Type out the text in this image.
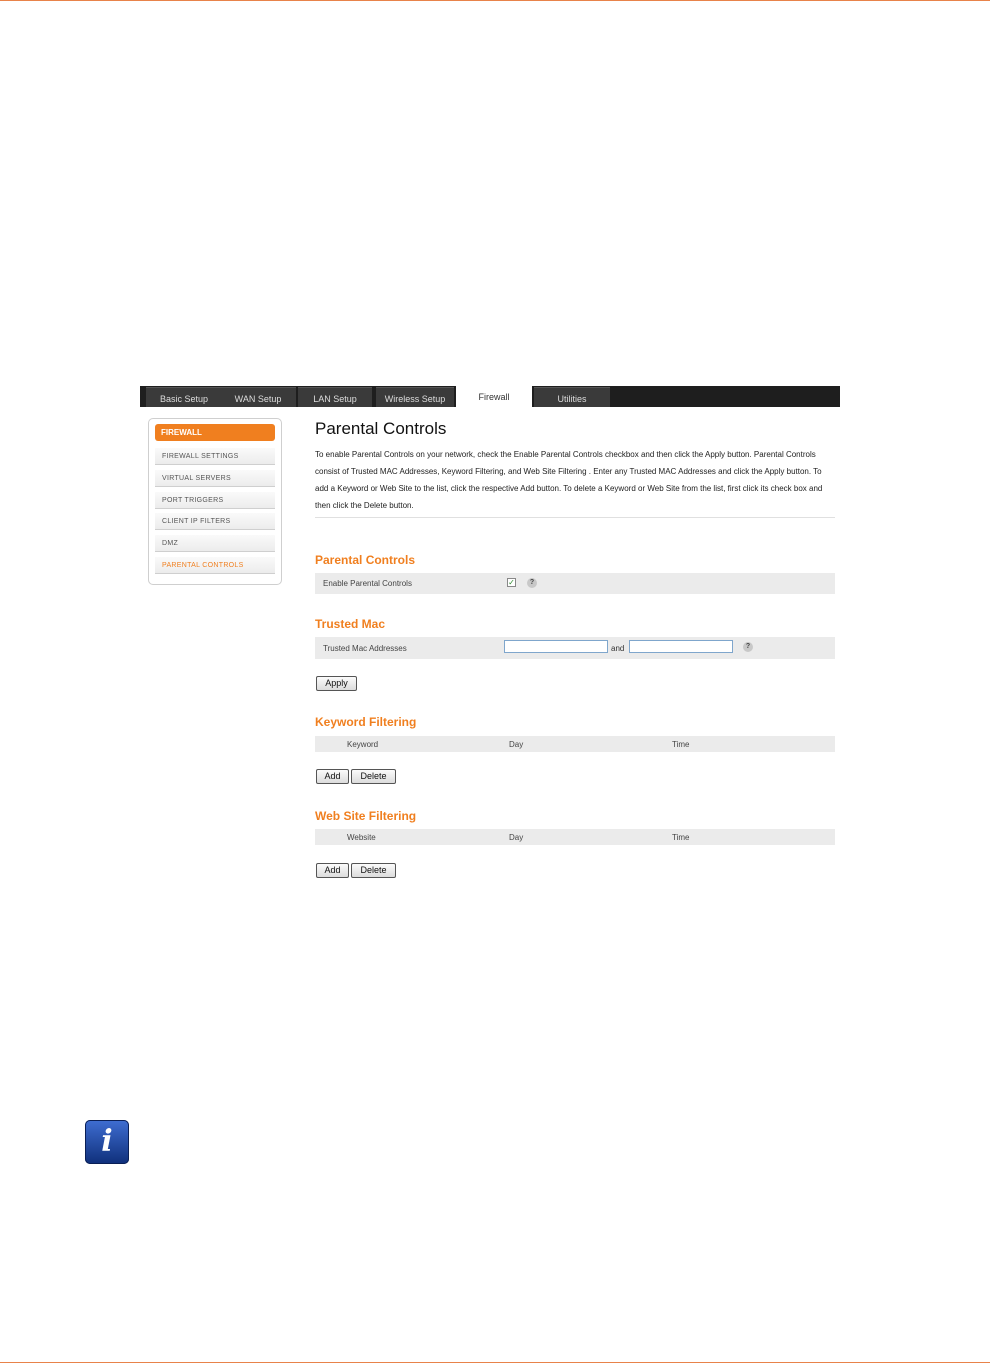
Basic Setup	WAN Setup	LAN Setup	Wireless Setup	Firewall	Utilities
FIREWALL
FIREWALL SETTINGS
VIRTUAL SERVERS
PORT TRIGGERS
CLIENT IP FILTERS
DMZ
PARENTAL CONTROLS
Parental Controls
To enable Parental Controls on your network, check the Enable Parental Controls checkbox and then click the Apply button. Parental Controls consist of Trusted MAC Addresses, Keyword Filtering, and Web Site Filtering . Enter any Trusted MAC Addresses and click the Apply button. To add a Keyword or Web Site to the list, click the respective Add button. To delete a Keyword or Web Site from the list, first click its check box and then click the Delete button.
Parental Controls
Enable Parental Controls	✓	?
Trusted Mac
Trusted Mac Addresses	and	?
Apply
Keyword Filtering
Keyword	Day	Time
Add	Delete
Web Site Filtering
Website	Day	Time
Add	Delete
i
